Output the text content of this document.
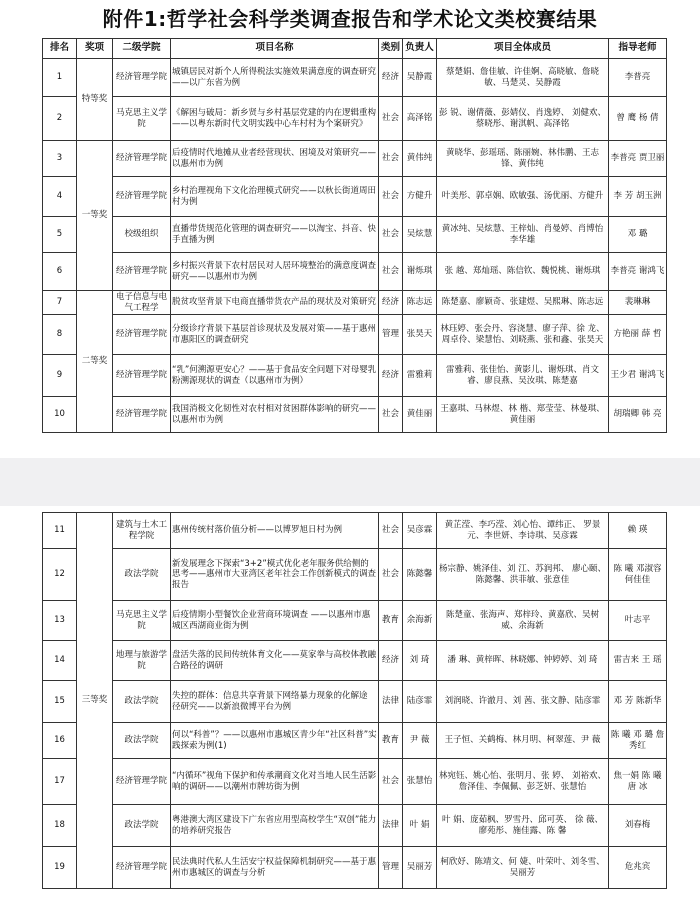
附件1:哲学社会科学类调查报告和学术论文类校赛结果
排名	奖项	二级学院	项目名称	类别	负责人	项目全体成员	指导老师
1	特等奖	经济管理学院	城镇居民对新个人所得税法实施效果满意度的调查研究 ——以广东省为例	经济	吴静霞	蔡楚娟、詹佳敏、许佳婀、高晓敏、詹晓敏、马楚灵、吴静霞	李普亮
2		马克思主义学院	《解困与破局：新乡贤与乡村基层党建的内在逻辑重构 ——以粤东新时代文明实践中心车村村为个案研究》	社会	高泽铭	彭 锐、谢倩薇、彭婧仪、肖逸婷、 刘健欢、蔡晓彤、谢淇帆、高泽铭	曾 鹰 杨 倩
3	一等奖	经济管理学院	后疫情时代地摊从业者经营现状、困境及对策研究——以惠州市为例	社会	黄伟纯	黄晓华、彭瑶瑶、陈丽婉、林伟鹏、王志锋、黄伟纯	李普亮 贾卫丽
4		经济管理学院	乡村治理视角下文化治理模式研究——以秋长街道周田村为例	社会	方健升	叶美彤、郭卓娴、欧敏强、汤优丽、方健升	李 芳 胡玉洲
5		校级组织	直播带货规范化管理的调查研究——以淘宝、抖音、快手直播为例	社会	吴炫慧	黄冰纯、吴炫慧、王梓灿、肖曼婷、肖博怡 李华雄	邓 璐
6		经济管理学院	乡村振兴背景下农村居民对人居环境整治的满意度调查研究——以惠州市为例	社会	谢烁琪	张 越、郑灿瑶、陈信钦、魏悦桃、谢烁琪	李普亮 谢鸿飞
7	二等奖	电子信息与电气工程学	脱贫攻坚背景下电商直播带货农产品的现状及对策研究	经济	陈志远	陈楚嘉、廖颖奇、张建煜、吴熙琳、陈志远	裴琳琳
8		经济管理学院	分级诊疗背景下基层首诊现状及发展对策——基于惠州市惠阳区的调查研究	管理	张昊天	林珏婷、张会丹、容浇慧、廖子萍、徐 龙、周卓伶、梁慧怡、刘晓燕、张和鑫、张昊天	方艳丽 薛 哲
9		经济管理学院	“乳”何溯源更安心？——基于食品安全问题下对母婴乳粉溯源现状的调查（以惠州市为例）	经济	雷雅莉	雷雅莉、张佳怡、黄影儿、谢烁琪、肖文睿、廖良燕、吴汝琪、陈楚嘉	王少君 谢鸿飞
10		经济管理学院	我国消极文化韧性对农村相对贫困群体影响的研究——以惠州市为例	社会	黄佳丽	王嘉琪、马林煜、林 楷、郑莹莹、林曼琪、黄佳丽	胡瑞卿 韩 亮
11	三等奖	建筑与土木工程学院	惠州传统村落价值分析——以博罗旭日村为例	社会	吴彦霖	黄芷滢、李巧滢、刘心怡、谭纬正、 罗景元、李世妍、李诗琪、吴彦霖	赖 瑛
12		政法学院	新发展理念下探索“3+2”模式优化老年服务供给侧的思考——惠州市大亚湾区老年社会工作创新模式的调查报告	社会	陈懿馨	杨宗静、姚泽佳、刘 江、苏润邦、 廖心颐、陈懿馨、洪菲敏、张意佳	陈 曦 邓淑容 何佳佳
13		马克思主义学院	后疫情期小型餐饮企业营商环境调查 ——以惠州市惠城区西湖商业街为例	教育	余海新	陈楚童、张海声、郑梓玲、黄嘉欣、吴树威、余海新	叶志平
14		地理与旅游学院	盘活失落的民间传统体育文化——莫家拳与高校体教融合路径的调研	经济	刘 琦	潘 琳、黄梓晖、林晓娜、钟婷婷、刘 琦	雷吉来 王 瑶
15		政法学院	失控的群体：信息共享背景下网络暴力现象的化解途 径研究——以新浪微博平台为例	法律	陆彦霏	刘润晓、许澈月、刘 茜、张文静、陆彦霏	邓 芳 陈新华
16		政法学院	何以“科普”？——以惠州市惠城区青少年“社区科普”实践探索为例(1)	教育	尹 薇	王子恒、关鹤梅、林月明、柯翠莲、尹 薇	陈 曦 邓 璐 詹秀红
17		经济管理学院	“内循环”视角下保护和传承潮商文化对当地人民生活影响的调研——以潮州市牌坊街为例	社会	张慧怡	林宛钰、姚心怡、张明月、张 婷、 刘裕欢、詹泽佳、李佩佩、彭芝妍、张慧怡	焦一娟 陈 曦 唐 冰
18		政法学院	粤港澳大湾区建设下广东省应用型高校学生“双创”能力的培养研究报告	法律	叶 娟	叶 娟、庞茹枫、罗雪丹、邱可英、 徐 薇、廖苑彤、施佳露、陈 馨	刘春梅
19		经济管理学院	民法典时代私人生活安宁权益保障机制研究——基于惠州市惠城区的调查与分析	管理	吴丽芳	柯欣妤、陈靖文、何 婕、叶荣叶、刘冬雪、吴丽芳	危兆宾
